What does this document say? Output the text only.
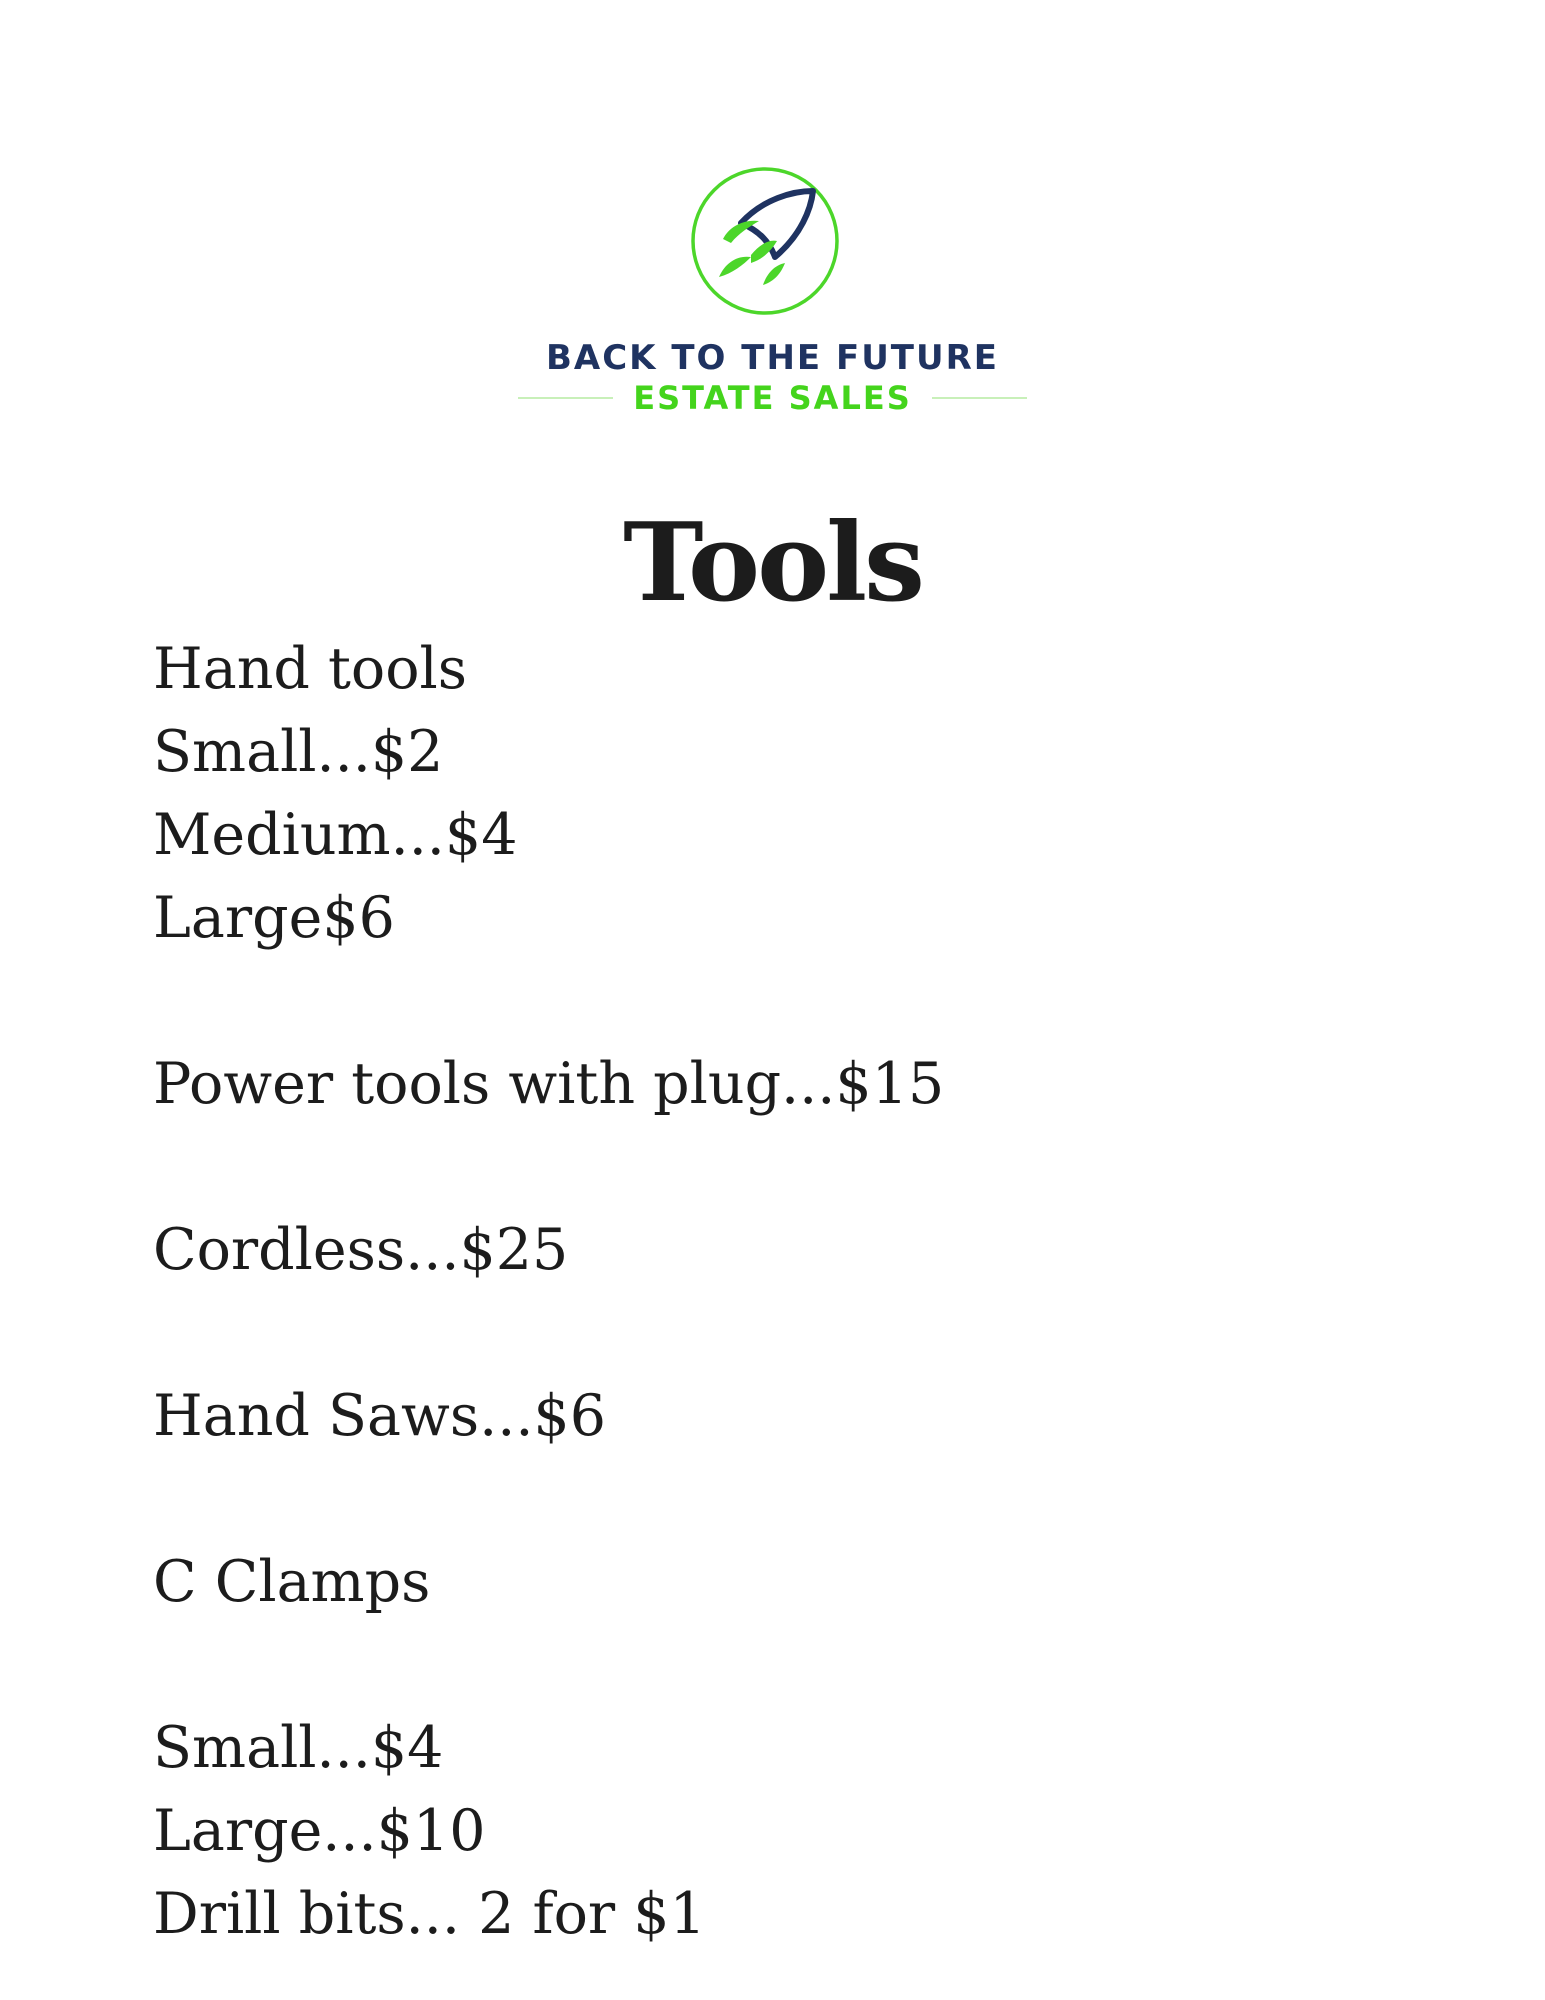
BACK TO THE FUTURE
ESTATE SALES
Tools
Hand tools
Small...$2
Medium...$4
Large$6
Power tools with plug...$15
Cordless...$25
Hand Saws...$6
C Clamps
Small...$4
Large...$10
Drill bits... 2 for $1
